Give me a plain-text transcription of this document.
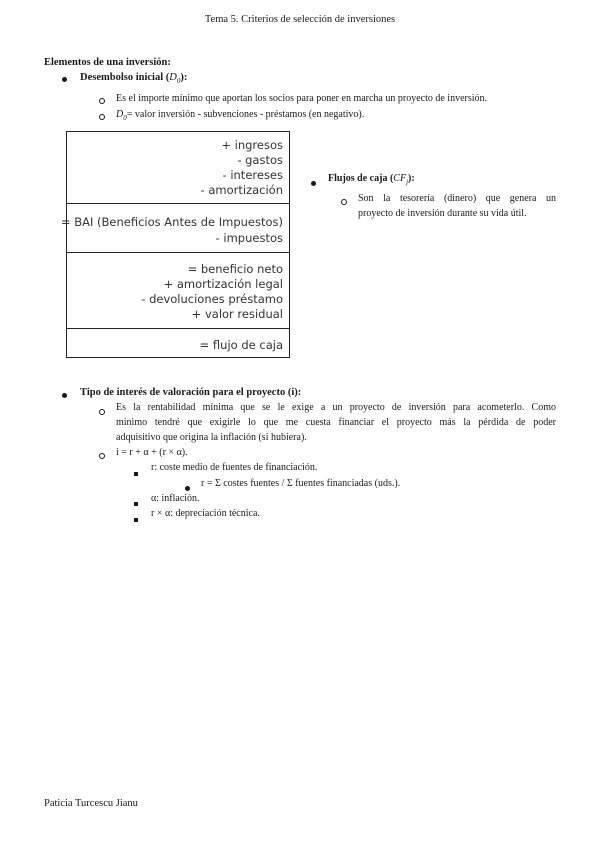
Tema 5. Criterios de selección de inversiones
Elementos de una inversión:
Desembolso inicial $(D_0)$:
Es el importe mínimo que aportan los socios para poner en marcha un proyecto de inversión.
$D_0=$ valor inversión - subvenciones - préstamos (en negativo).
+ ingresos
- gastos
- intereses
- amortización
= BAI (Beneficios Antes de Impuestos)
- impuestos
= beneficio neto
+ amortización legal
- devoluciones préstamo
+ valor residual
= flujo de caja
Flujos de caja $(CF_j)$:
Son la tesorería (dinero) que genera un
proyecto de inversión durante su vida útil.
Tipo de interés de valoración para el proyecto (i):
Es la rentabilidad mínima que se le exige a un proyecto de inversión para acometerlo. Como
mínimo tendré que exigirle lo que me cuesta financiar el proyecto más la pérdida de poder
adquisitivo que origina la inflación (si hubiera).
i = r + α + (r × α).
r: coste medio de fuentes de financiación.
r = Σ costes fuentes / Σ fuentes financiadas (uds.).
α: inflación.
r × α: depreciación técnica.
Paticia Turcescu Jianu
